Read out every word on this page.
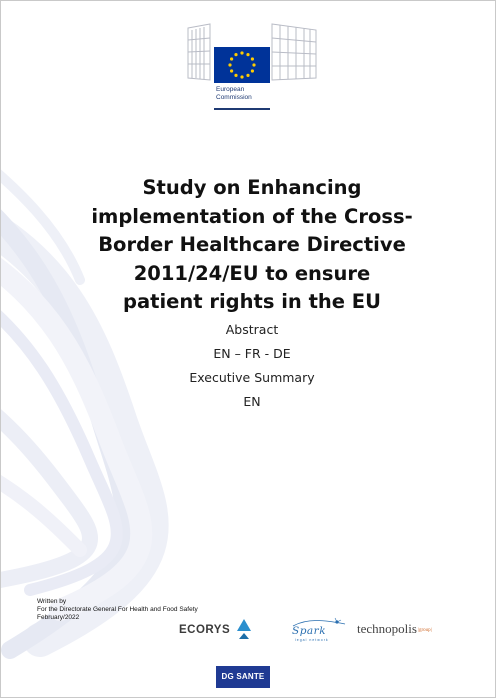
European
Commission
Study on Enhancing
implementation of the Cross-
Border Healthcare Directive
2011/24/EU to ensure
patient rights in the EU
Abstract
EN – FR - DE
Executive Summary
EN
Written by
For the Directorate General For Health and Food Safety
February/2022
ECORYS	Spark
legal network
technopolis|group|
DG SANTE
